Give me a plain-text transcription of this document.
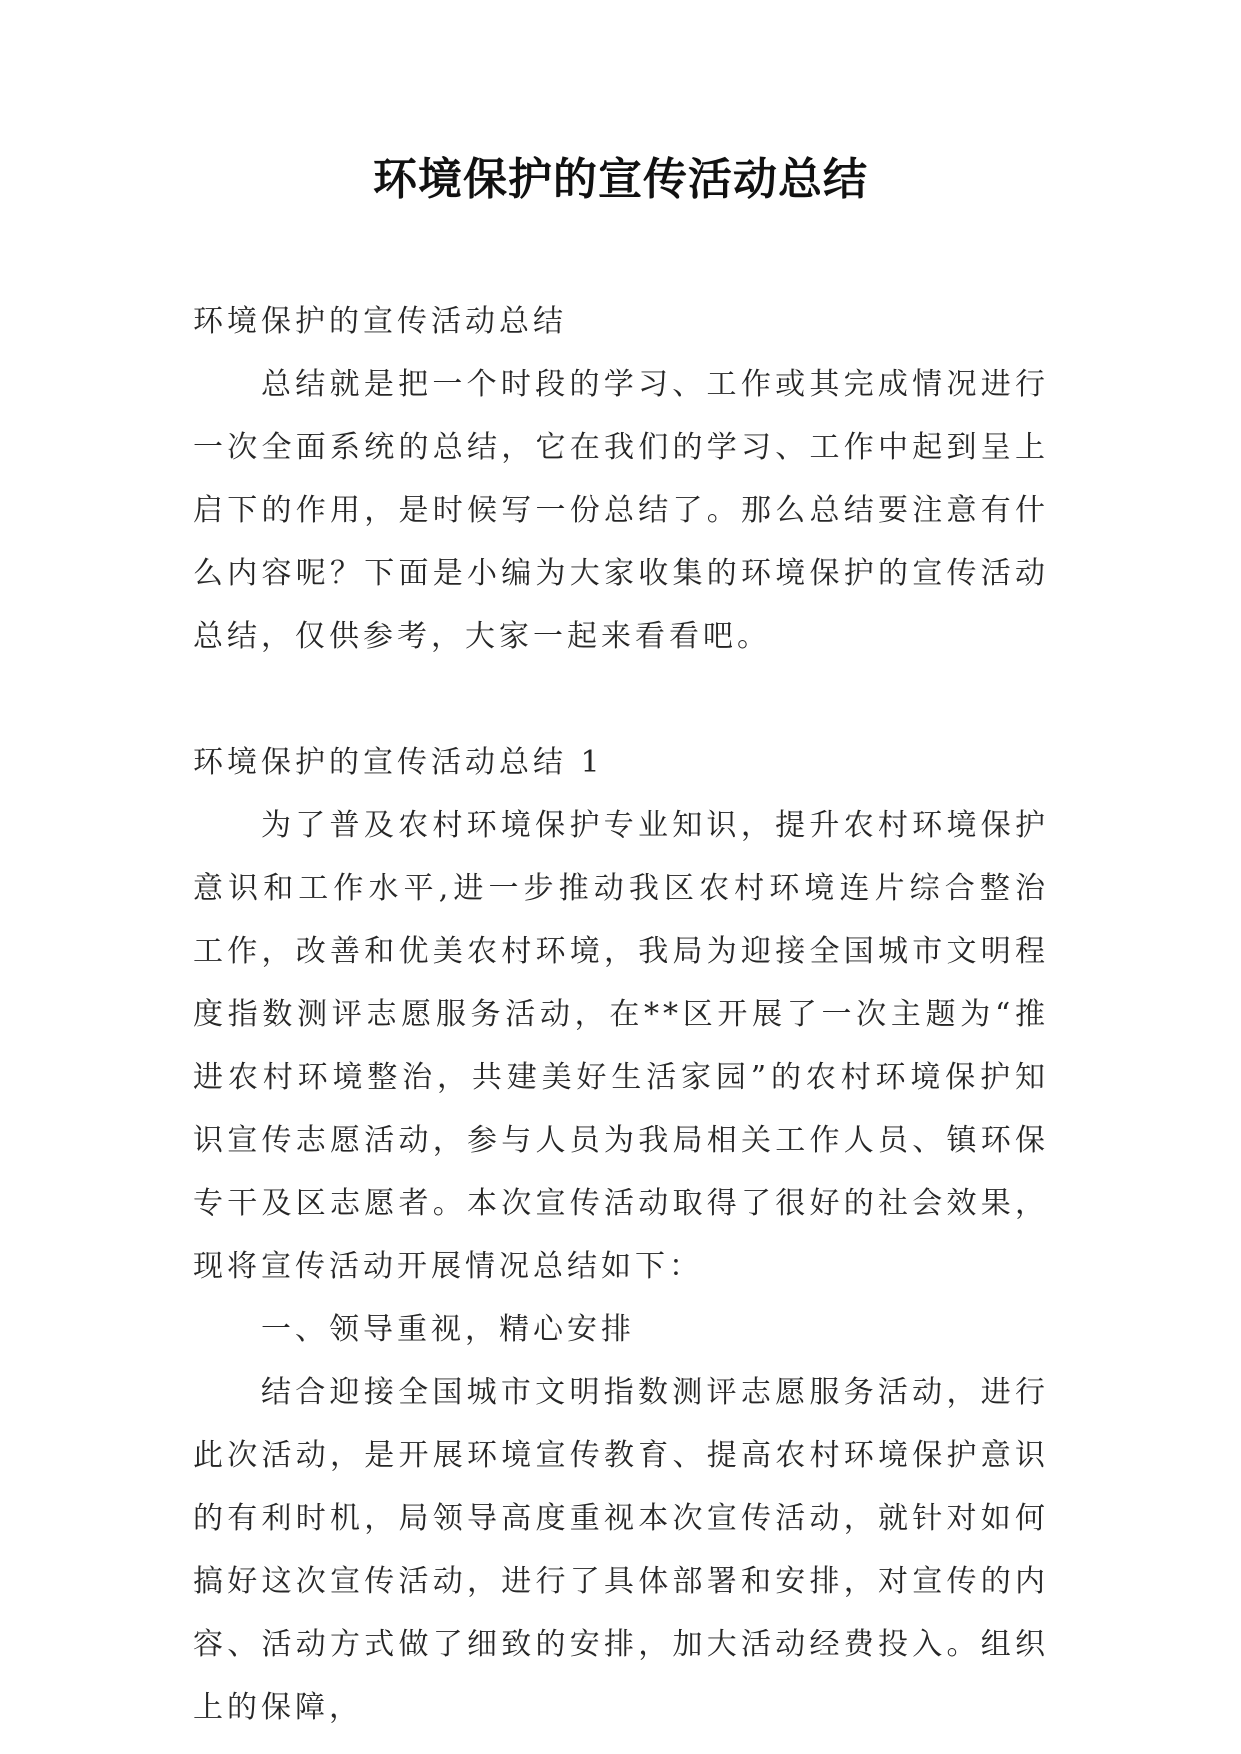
环境保护的宣传活动总结

环境保护的宣传活动总结

总结就是把一个时段的学习、工作或其完成情况进行一次全面系统的总结，它在我们的学习、工作中起到呈上启下的作用，是时候写一份总结了。那么总结要注意有什么内容呢？下面是小编为大家收集的环境保护的宣传活动总结，仅供参考，大家一起来看看吧。

环境保护的宣传活动总结 1

为了普及农村环境保护专业知识，提升农村环境保护意识和工作水平,进一步推动我区农村环境连片综合整治工作，改善和优美农村环境，我局为迎接全国城市文明程度指数测评志愿服务活动，在**区开展了一次主题为“推进农村环境整治，共建美好生活家园”的农村环境保护知识宣传志愿活动，参与人员为我局相关工作人员、镇环保专干及区志愿者。本次宣传活动取得了很好的社会效果，现将宣传活动开展情况总结如下：

一、领导重视，精心安排

结合迎接全国城市文明指数测评志愿服务活动，进行此次活动，是开展环境宣传教育、提高农村环境保护意识的有利时机，局领导高度重视本次宣传活动，就针对如何搞好这次宣传活动，进行了具体部署和安排，对宣传的内容、活动方式做了细致的安排，加大活动经费投入。组织上的保障，
